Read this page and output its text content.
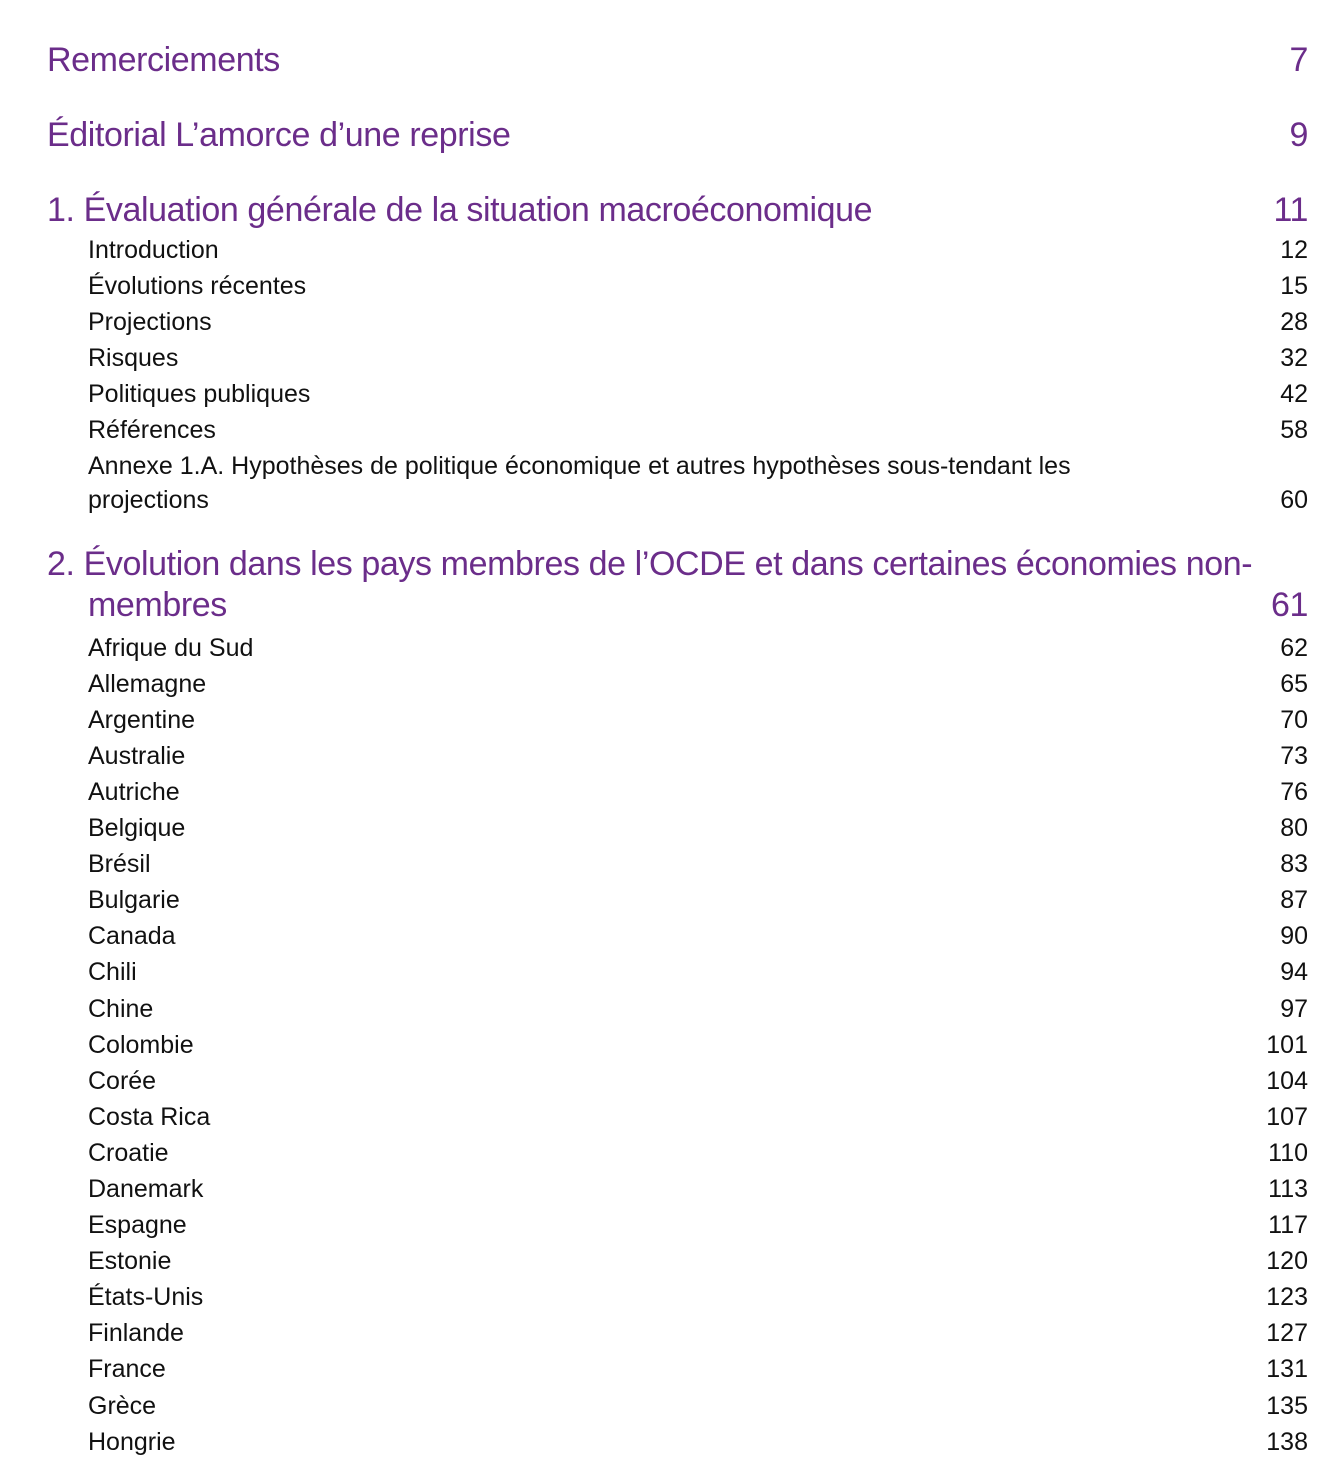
Remerciements	7
Éditorial L’amorce d’une reprise	9
1. Évaluation générale de la situation macroéconomique	11
Introduction	12
Évolutions récentes	15
Projections	28
Risques	32
Politiques publiques	42
Références	58
Annexe 1.A. Hypothèses de politique économique et autres hypothèses sous-tendant les
projections	60
2. Évolution dans les pays membres de l’OCDE et dans certaines économies non-
membres	61
Afrique du Sud	62
Allemagne	65
Argentine	70
Australie	73
Autriche	76
Belgique	80
Brésil	83
Bulgarie	87
Canada	90
Chili	94
Chine	97
Colombie	101
Corée	104
Costa Rica	107
Croatie	110
Danemark	113
Espagne	117
Estonie	120
États-Unis	123
Finlande	127
France	131
Grèce	135
Hongrie	138
